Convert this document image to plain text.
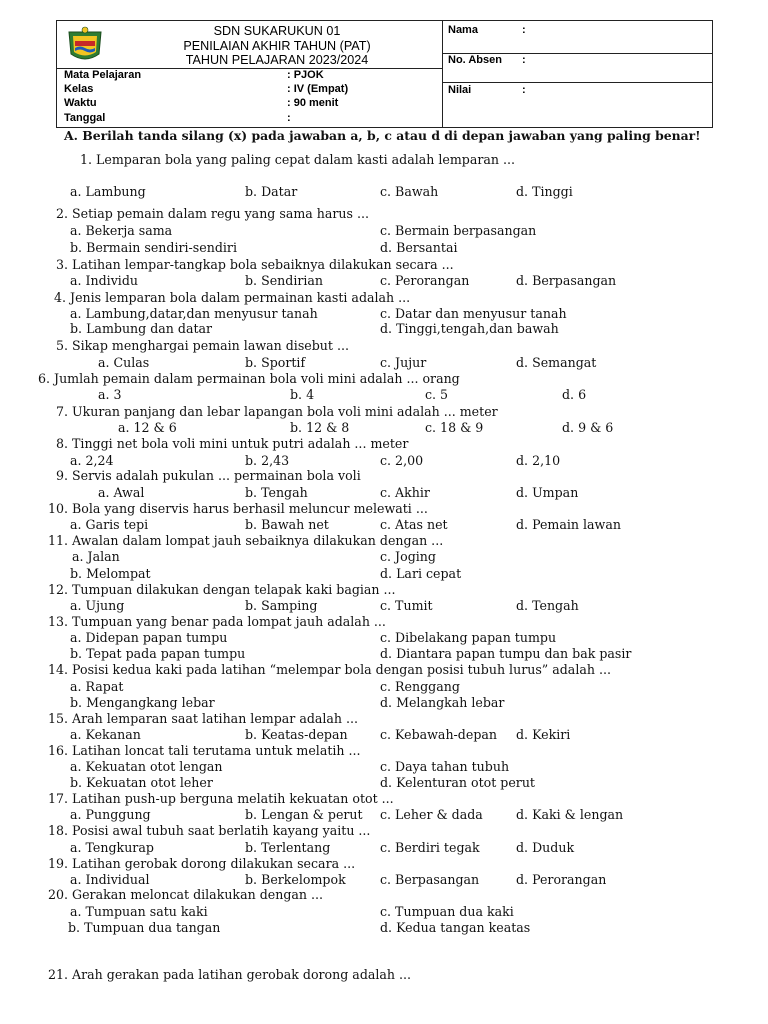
SDN SUKARUKUN 01
PENILAIAN AKHIR TAHUN (PAT)
TAHUN PELAJARAN 2023/2024
Mata Pelajaran	: PJOK
Kelas	: IV (Empat)
Waktu	: 90 menit
Tanggal	:
Nama	:
No. Absen :
Nilai	:
A. Berilah tanda silang (x) pada jawaban a, b, c atau d di depan jawaban yang paling benar!
1. Lemparan bola yang paling cepat dalam kasti adalah lemparan ...
a. Lambung	b. Datar	c. Bawah	d. Tinggi
2. Setiap pemain dalam regu yang sama harus ...
a. Bekerja sama
b. Bermain sendiri-sendiri
c. Bermain berpasangan
d. Bersantai
3. Latihan lempar-tangkap bola sebaiknya dilakukan secara ...
a. Individu	b. Sendirian	c. Perorangan	d. Berpasangan
4. Jenis lemparan bola dalam permainan kasti adalah ...
a. Lambung,datar,dan menyusur tanah
b. Lambung dan datar
c. Datar dan menyusur tanah
d. Tinggi,tengah,dan bawah
5. Sikap menghargai pemain lawan disebut ...
a. Culas	b. Sportif	c. Jujur	d. Semangat
6. Jumlah pemain dalam permainan bola voli mini adalah ... orang
a. 3	b. 4	c. 5	d. 6
7. Ukuran panjang dan lebar lapangan bola voli mini adalah ... meter
a. 12 & 6	b. 12 & 8	c. 18 & 9	d. 9 & 6
8. Tinggi net bola voli mini untuk putri adalah ... meter
a. 2,24	b. 2,43	c. 2,00	d. 2,10
9. Servis adalah pukulan ... permainan bola voli
a. Awal	b. Tengah	c. Akhir	d. Umpan
10. Bola yang diservis harus berhasil meluncur melewati ...
a. Garis tepi	b. Bawah net	c. Atas net	d. Pemain lawan
11. Awalan dalam lompat jauh sebaiknya dilakukan dengan ...
a. Jalan
b. Melompat
c. Joging
d. Lari cepat
12. Tumpuan dilakukan dengan telapak kaki bagian ...
a. Ujung	b. Samping	c. Tumit	d. Tengah
13. Tumpuan yang benar pada lompat jauh adalah ...
a. Didepan papan tumpu
b. Tepat pada papan tumpu
c. Dibelakang papan tumpu
d. Diantara papan tumpu dan bak pasir
14. Posisi kedua kaki pada latihan “melempar bola dengan posisi tubuh lurus” adalah ...
a. Rapat
b. Mengangkang lebar
c. Renggang
d. Melangkah lebar
15. Arah lemparan saat latihan lempar adalah ...
a. Kekanan	b. Keatas-depan	c. Kebawah-depan d. Kekiri
16. Latihan loncat tali terutama untuk melatih ...
a. Kekuatan otot lengan
b. Kekuatan otot leher
c. Daya tahan tubuh
d. Kelenturan otot perut
17. Latihan push-up berguna melatih kekuatan otot ...
a. Punggung	b. Lengan & perut c. Leher & dada	d. Kaki & lengan
18. Posisi awal tubuh saat berlatih kayang yaitu ...
a. Tengkurap	b. Terlentang	c. Berdiri tegak	d. Duduk
19. Latihan gerobak dorong dilakukan secara ...
a. Individual	b. Berkelompok	c. Berpasangan	d. Perorangan
20. Gerakan meloncat dilakukan dengan ...
a. Tumpuan satu kaki
b. Tumpuan dua tangan
c. Tumpuan dua kaki
d. Kedua tangan keatas
21. Arah gerakan pada latihan gerobak dorong adalah ...
